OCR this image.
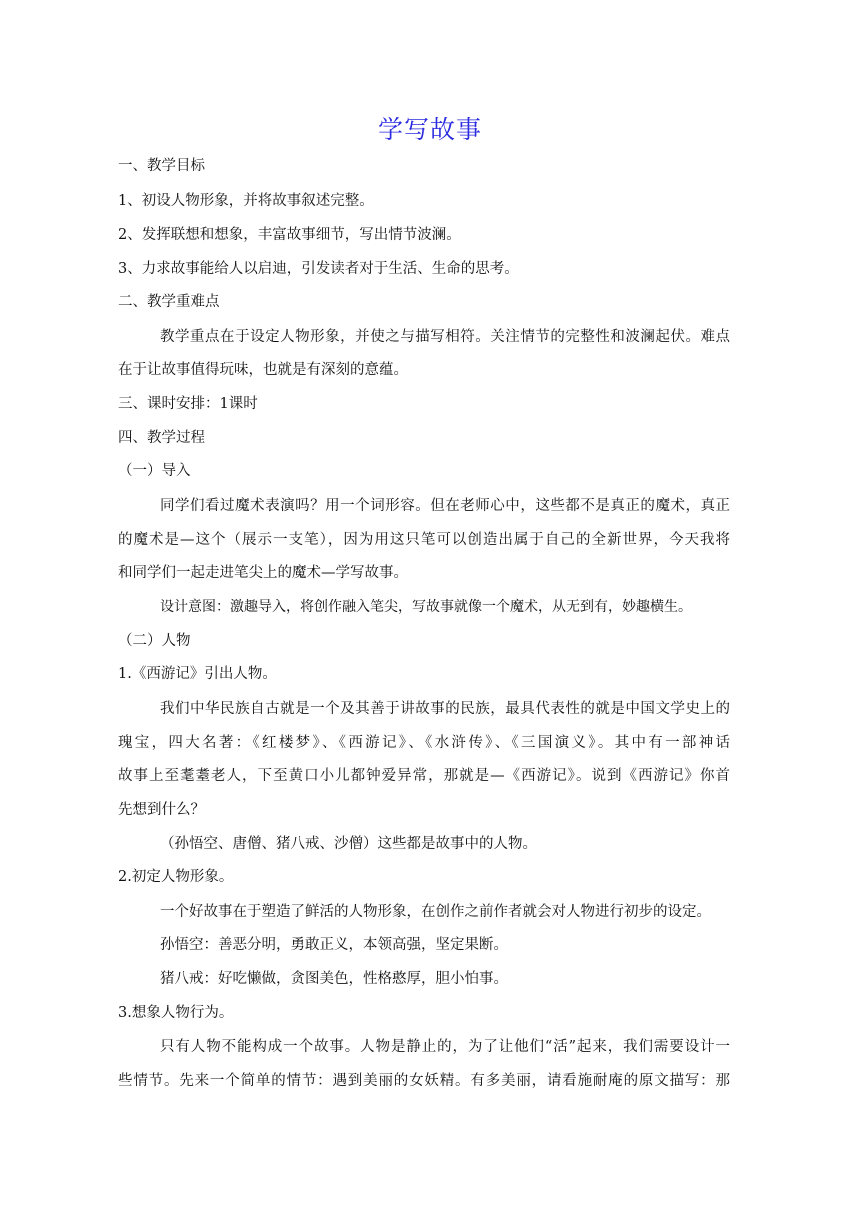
学写故事
一、教学目标
1、初设人物形象，并将故事叙述完整。
2、发挥联想和想象，丰富故事细节，写出情节波澜。
3、力求故事能给人以启迪，引发读者对于生活、生命的思考。
二、教学重难点
教学重点在于设定人物形象，并使之与描写相符。关注情节的完整性和波澜起伏。难点
在于让故事值得玩味，也就是有深刻的意蕴。
三、课时安排：1课时
四、教学过程
（一）导入
同学们看过魔术表演吗？用一个词形容。但在老师心中，这些都不是真正的魔术，真正
的魔术是—这个（展示一支笔），因为用这只笔可以创造出属于自己的全新世界，今天我将
和同学们一起走进笔尖上的魔术—学写故事。
设计意图：激趣导入，将创作融入笔尖，写故事就像一个魔术，从无到有，妙趣横生。
（二）人物
1.《西游记》引出人物。
我们中华民族自古就是一个及其善于讲故事的民族，最具代表性的就是中国文学史上的
瑰宝，四大名著：《红楼梦》、《西游记》、《水浒传》、《三国演义》。其中有一部神话
故事上至耄耋老人，下至黄口小儿都钟爱异常，那就是—《西游记》。说到《西游记》你首
先想到什么？
（孙悟空、唐僧、猪八戒、沙僧）这些都是故事中的人物。
2.初定人物形象。
一个好故事在于塑造了鲜活的人物形象，在创作之前作者就会对人物进行初步的设定。
孙悟空：善恶分明，勇敢正义，本领高强，坚定果断。
猪八戒：好吃懒做，贪图美色，性格憨厚，胆小怕事。
3.想象人物行为。
只有人物不能构成一个故事。人物是静止的，为了让他们“活”起来，我们需要设计一
些情节。先来一个简单的情节：遇到美丽的女妖精。有多美丽，请看施耐庵的原文描写：那
